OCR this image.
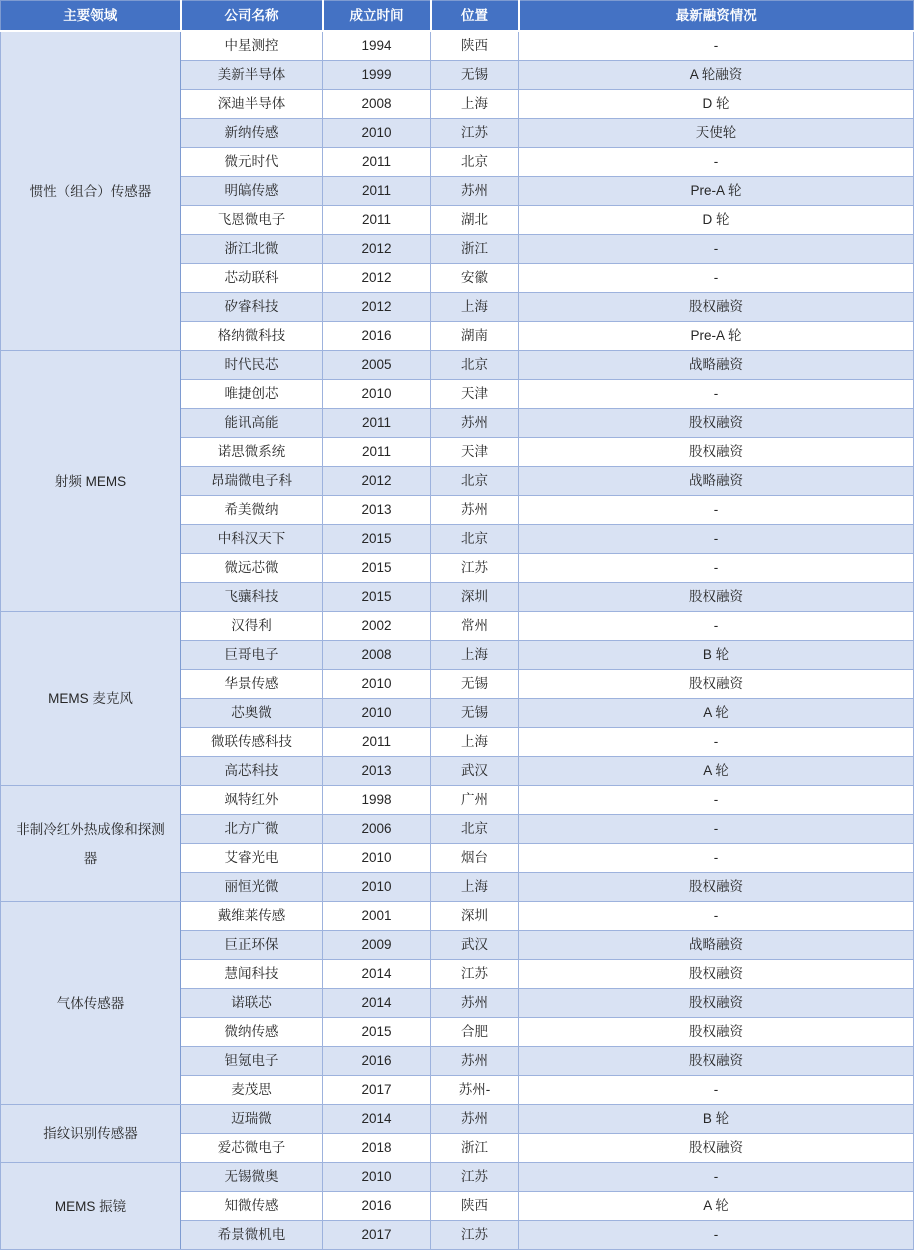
主要领域	公司名称	成立时间	位置	最新融资情况
惯性（组合）传感器	中星测控	1994	陕西	-
	美新半导体	1999	无锡	A 轮融资
	深迪半导体	2008	上海	D 轮
	新纳传感	2010	江苏	天使轮
	微元时代	2011	北京	-
	明皜传感	2011	苏州	Pre-A 轮
	飞恩微电子	2011	湖北	D 轮
	浙江北微	2012	浙江	-
	芯动联科	2012	安徽	-
	矽睿科技	2012	上海	股权融资
	格纳微科技	2016	湖南	Pre-A 轮
射频 MEMS	时代民芯	2005	北京	战略融资
	唯捷创芯	2010	天津	-
	能讯高能	2011	苏州	股权融资
	诺思微系统	2011	天津	股权融资
	昂瑞微电子科	2012	北京	战略融资
	希美微纳	2013	苏州	-
	中科汉天下	2015	北京	-
	微远芯微	2015	江苏	-
	飞骧科技	2015	深圳	股权融资
MEMS 麦克风	汉得利	2002	常州	-
	巨哥电子	2008	上海	B 轮
	华景传感	2010	无锡	股权融资
	芯奥微	2010	无锡	A 轮
	微联传感科技	2011	上海	-
	高芯科技	2013	武汉	A 轮
非制冷红外热成像和探测器	飒特红外	1998	广州	-
	北方广微	2006	北京	-
	艾睿光电	2010	烟台	-
	丽恒光微	2010	上海	股权融资
气体传感器	戴维莱传感	2001	深圳	-
	巨正环保	2009	武汉	战略融资
	慧闻科技	2014	江苏	股权融资
	诺联芯	2014	苏州	股权融资
	微纳传感	2015	合肥	股权融资
	钽氪电子	2016	苏州	股权融资
	麦茂思	2017	苏州-	-
指纹识别传感器	迈瑞微	2014	苏州	B 轮
	爱芯微电子	2018	浙江	股权融资
MEMS 振镜	无锡微奥	2010	江苏	-
	知微传感	2016	陕西	A 轮
	希景微机电	2017	江苏	-
